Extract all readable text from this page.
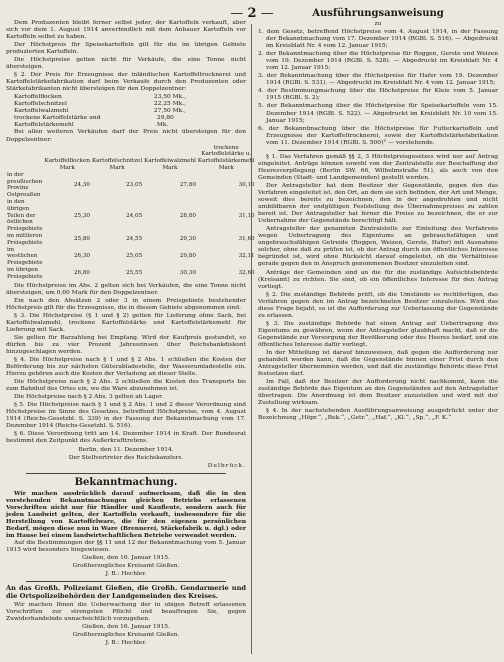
— 2 —

Dem Produzenten bleibt ferner selbst jeder, der Kartoffeln verkauft, aber sich vor dem 1. August 1914 anverbindlich mit dem Anbauer Kartoffeln vor Kartoffeln selbst zu haben.

Der Höchstpreis für Speisekartoffeln gilt für die im übrigen Gebiete produzierten Kartoffeln.

Die Höchstpreise gelten nicht für Verkäufe, die eine Tonne nicht übersteigen.

§ 2. Der Preis für Erzeugnisse der inländischen Kartoffeltrocknerei und Kartoffelstärkefabrikation darf beim Verkaufe durch den Produzenten oder Stärkefabrikanten nicht übersteigen für den Doppelzentner:

Kartoffelflocken	23,50 Mk.,
Kartoffelschnitzel	22,25 Mk.,
Kartoffelwalzmehl	27,50 Mk.,
trockene Kartoffelstärke und Kartoffelstärkemehl
29,80 Mk.

Bei allen weiteren Verkäufen darf der Preis nicht übersteigen für den Doppelzentner:

	Kartoffelflocken	Kartoffelschnitzel	Kartoffelwalzmehl	trockene Kartoffelstärke u. Kartoffelstärkemehl
	Mark	Mark	Mark	Mark
in der preußischen Provinz Ostpreußen	24,30	23,05	27,80	30,10
in den übrigen Teilen der östlichen Preisgebiete	25,30	24,05	28,80	31,10
im mittleren Preisgebiete	25,80	24,55	29,30	31,60
im westlichen Preisgebiete	26,30	25,05	29,80	32,11
im übrigen Preisgebiete	26,80	25,55	30,30	32,60

Die Höchstpreise im Abs. 2 gelten sich bei Verkäufen, die eine Tonne nicht übersteigen, um 0,60 Mark für den Doppelzentner.

Ein nach den Absätzen 2 oder 3 in einem Preisgebiete bestehender Höchstpreis gilt für die Erzeugnisse, die in diesem Gebiete abgenommen sind.

§ 3. Die Höchstpreise (§ 1 und § 2) gelten für Lieferung ohne Sack, bei Kartoffelwalzmehl, trockene Kartoffelstärke und Kartoffelstärkemehl für Lieferung mit Sack.

Sie gelten für Barzahlung bei Empfang. Wird der Kaufpreis gestundet, so dürfen bis zu vier Prozent Jahreszinsen über Reichsbankdiskont hinzugeschlagen werden.

§ 4. Die Höchstpreise nach § 1 und § 2 Abs. 1 schließen die Kosten der Beförderung bis zur nächsten Güterabladestelle, der Wasserumladestelle ein. Hierzu gehören auch die Kosten der Verladung an dieser Stelle.

Die Höchstpreise nach § 2 Abs. 2 schließen die Kosten des Transports bis zum Bahnhof des Ortes ein, wo die Ware abzunehmen ist.

Die Höchstpreise nach § 2 Abs. 3 gelten ab Lager.

§ 5. Die Höchstpreise nach § 1 und § 2 Abs. 1 und 2 dieser Verordnung sind Höchstpreise im Sinne des Gesetzes, betreffend Höchstpreise, vom 4. August 1914 (Reichs-Gesetzbl. S. 339) in der Fassung der Bekanntmachung vom 17. Dezember 1914 (Reichs-Gesetzbl. S. 516).

§ 6. Diese Verordnung tritt am 14. Dezember 1914 in Kraft. Der Bundesrat bestimmt den Zeitpunkt des Außerkrafttretens.

Berlin, den 11. Dezember 1914.
Der Stellvertreter des Reichskanzlers.
Delbrück.
Bekanntmachung.

Wir machen ausdrücklich darauf aufmerksam, daß die in den vorstehenden Bekanntmachungen gleichen Betriebs erlassenen Vorschriften nicht nur für Händler und Kaufleute, sondern auch für jeden Landwirt gelten, der Kartoffeln verkauft, insbesondere für die Herstellung von Kartoffelware, die für den eigenen persönlichen Bedarf, mögen diese nun in Ware (Brennerei, Stärkefabrik u. dgl.) oder im Hause bei einem landwirtschaftlichen Betriebe verwendet werden.

Auf die Bestimmungen der §§ 11 und 12 der Bekanntmachung vom 5. Januar 1915 wird besonders hingewiesen.

Gießen, den 16. Januar 1915.
Großherzogliches Kreisamt Gießen.
J. B.: Hechler.
An das Großh. Polizeiamt Gießen, die Großh. Gendarmerie und die Ortspolizeibehörden der Landgemeinden des Kreises.

Wir machen Ihnen die Ueberwachung der in obigen Betreff erlassenen Vorschriften zur strengsten Pflicht und beauftragen Sie, gegen Zuwiderhandelnde unnachsichtlich vorzugehen.

Gießen, den 16. Januar 1915.
Großherzogliches Kreisamt Gießen.
J. B.: Hechler.
Ausführungsanweisung
zu

1. dem Gesetz, betreffend Höchstpreise vom 4. August 1914, in der Fassung der Bekanntmachung vom 17. Dezember 1914 (RGBl. S. 516). — Abgedruckt im Kreisblatt Nr. 4 vom 12. Januar 1915;

2. der Bekanntmachung über die Höchstpreise für Roggen, Gerste und Weizen vom 19. Dezember 1914 (RGBl. S. 528). — Abgedruckt im Kreisblatt Nr. 4 vom 12. Januar 1915;

3. der Bekanntmachung über die Höchstpreise für Hafer vom 19. Dezember 1914 (RGBl. S. 531). — Abgedruckt im Kreisblatt Nr. 4 vom 12. Januar 1915;

4. der Bestimmungmachung über die Höchstpreise für Kleie vom 5. Januar 1915 (RGBl. S. 2);

5. der Bekanntmachung über die Höchstpreise für Speisekartoffeln vom 15. Dezember 1914 (RGBl. S. 522). — Abgedruckt im Kreisblatt Nr. 10 vom 15. Januar 1915;

6. der Bekanntmachung über die Höchstpreise für Futterkartoffeln und Erzeugnisse der Kartoffeltrocknerei, sowie der Kartoffelstärkefabrikation vom 11. Dezember 1914 (RGBl. S. 500)° — vorstehende.

§ 1. Das Verfahren gemäß §§ 2, 3 Höchstpreisgesetzes wird nur auf Antrag eingeleitet. Anträge können sowohl von der Zentralstelle zur Beschaffung der Heeresverpflegung (Berlin SW. 66, Wilhelmstraße 51), als auch von den Gemeinden (Stadt- und Landgemeinden) gestellt werden.

Der Antragsteller hat dem Besitzer der Gegenstände, gegen den das Verfahren eingeleitet ist, den Ort, an dem sie sich befinden, der Art und Menge, soweit dies bereits zu bezeichnen, den in der angedrohten und nicht umbildbaren der endgültigen Feststellung des Übernahmepreises zu zahlen bereit ist. Der Antragsteller hat ferner die Preise zu bezeichnen, die er zur Uebernahme der Gegenstände berechtigt hält.

Antragsteller der genannten Zentralstelle zur Einleitung des Verfahrens wegen Uebertragung des Eigentums an gebrauchsfähigen und ungebrauchsfähigen Getreide (Roggen, Weizen, Gerste, Hafer) mit Ausnahme solcher, ohne daß zu prüfen ist, ob der Antrag durch ein öffentliches Interesse begründet ist, wird ohne Rücksicht darauf eingeleitet, ob die Verhältnisse gerade gegen den in Anspruch genommenen Besitzer einzuleiten sind.

Anträge der Gemeinden sind an die für die zuständige Aufsichtsbehörde (Kreisamt) zu richten. Sie sind, ob ein öffentliches Interesse für den Antrag vorliegt.

§ 2. Die zuständige Behörde prüft, ob die Umstände es rechtfertigen, das Verfahren gegen den im Antrag bezeichneten Besitzer einzuleiten. Wird das diese Frage bejaht, so ist die Aufforderung zur Ueberlassung der Gegenstände zu erlassen.

§ 3. Die zuständige Behörde hat einen Antrag auf Uebertragung des Eigentums zu gewähren, wenn der Antragsteller glaubhaft macht, daß er die Gegenstände zur Versorgung der Bevölkerung oder des Heeres bedarf, und ein öffentliches Interesse dafür vorliegt.

In der Mitteilung ist darauf hinzuweisen, daß gegen die Aufforderung nur gehandelt werden kann, daß die Gegenstände binnen einer Frist durch den Antragsteller übernommen werden, und daß die zuständige Behörde diese Frist festsetzen darf.

Im Fall, daß der Besitzer der Aufforderung nicht nachkommt, kann die zuständige Behörde das Eigentum an den Gegenständen auf den Antragsteller übertragen. Die Anordnung ist dem Besitzer zuzustellen und wird mit der Zustellung wirksam.

§ 4. In der nachstehenden Ausführungsanweisung ausgedrückt unter der Bezeichnung „Höpr.“, „Bek.“, „Getr.“, „Haf.“, „Kl.“, „Sp.“, „F. K.“
